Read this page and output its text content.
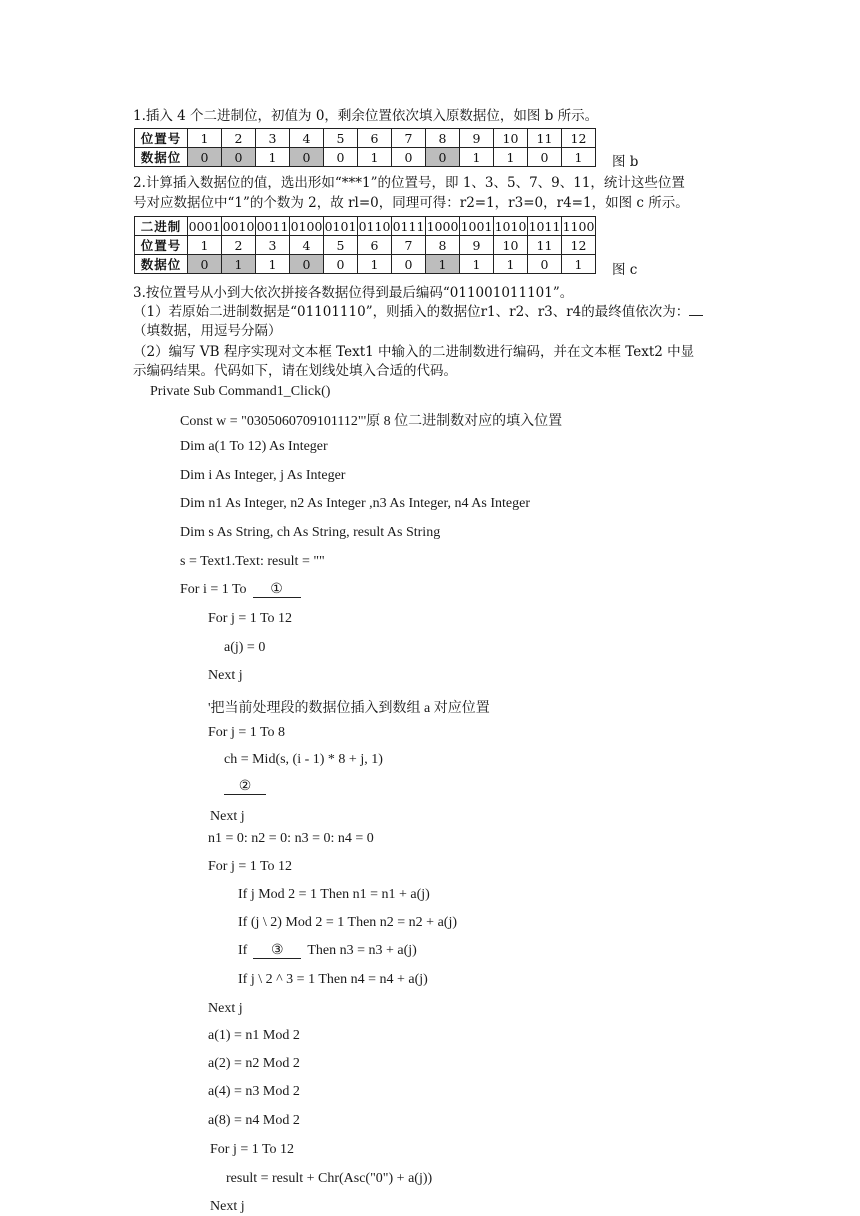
1.插入 4 个二进制位，初值为 0，剩余位置依次填入原数据位，如图 b 所示。
位置号	1	2	3	4	5	6	7	8	9	10	11	12
数据位	0	0	1	0	0	1	0	0	1	1	0	1 图 b
2.计算插入数据位的值，选出形如“***1”的位置号，即 1、3、5、7、9、11，统计这些位置
号对应数据位中“1”的个数为 2，故 rl=0，同理可得：r2=1，r3=0，r4=1，如图 c 所示。
二进制	0001	0010	0011	0100	0101	0110	0111	1000	1001	1010	1011	1100
位置号	1	2	3	4	5	6	7	8	9	10	11	12
数据位	0	1	1	0	0	1	0	1	1	1	0	1 图 c
3.按位置号从小到大依次拼接各数据位得到最后编码“011001011101”。
（1）若原始二进制数据是“01101110”，则插入的数据位r1、r2、r3、r4的最终值依次为：
（填数据，用逗号分隔）
（2）编写 VB 程序实现对文本框 Text1 中输入的二进制数进行编码，并在文本框 Text2 中显
示编码结果。代码如下，请在划线处填入合适的代码。
Private Sub Command1_Click()
Const w = "0305060709101112"'原 8 位二进制数对应的填入位置
Dim a(1 To 12) As Integer
Dim i As Integer, j As Integer
Dim n1 As Integer, n2 As Integer ,n3 As Integer, n4 As Integer
Dim s As String, ch As String, result As String
s = Text1.Text: result = ""
For i = 1 To ①
For j = 1 To 12
a(j) = 0
Next j
'把当前处理段的数据位插入到数组 a 对应位置
For j = 1 To 8
ch = Mid(s, (i - 1) * 8 + j, 1)
②
Next j
n1 = 0: n2 = 0: n3 = 0: n4 = 0
For j = 1 To 12
If j Mod 2 = 1 Then n1 = n1 + a(j)
If (j \ 2) Mod 2 = 1 Then n2 = n2 + a(j)
If ③ Then n3 = n3 + a(j)
If j \ 2 ^ 3 = 1 Then n4 = n4 + a(j)
Next j
a(1) = n1 Mod 2
a(2) = n2 Mod 2
a(4) = n3 Mod 2
a(8) = n4 Mod 2
For j = 1 To 12
result = result + Chr(Asc("0") + a(j))
Next j
